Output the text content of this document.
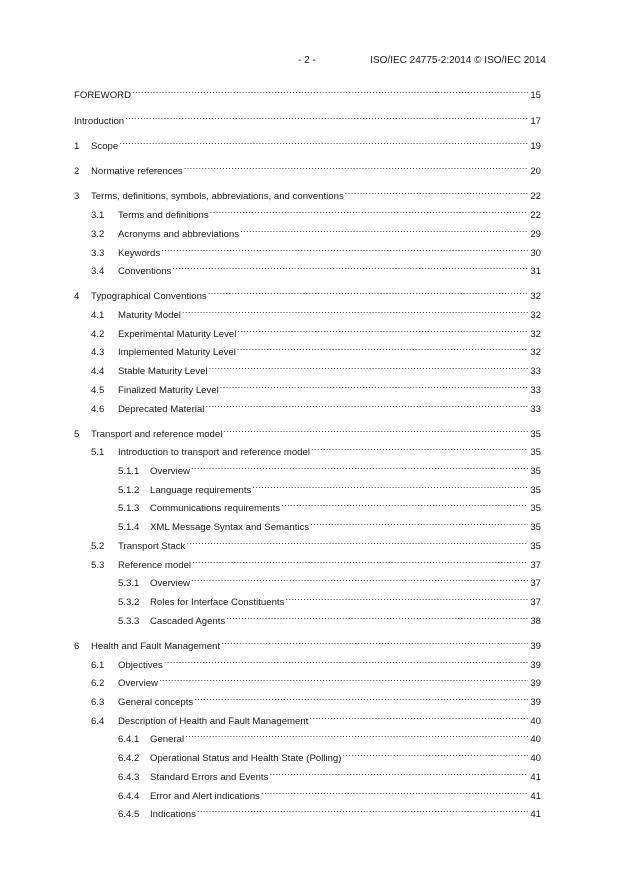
- 2 -	ISO/IEC 24775-2:2014 © ISO/IEC 2014
FOREWORD .....	15
Introduction .....	17
1	Scope .....	19
2	Normative references .....	20
3	Terms, definitions, symbols, abbreviations, and conventions .....	22
3.1	Terms and definitions .....	22
3.2	Acronyms and abbreviations .....	29
3.3	Keywords .....	30
3.4	Conventions .....	31
4	Typographical Conventions .....	32
4.1	Maturity Model .....	32
4.2	Experimental Maturity Level .....	32
4.3	Implemented Maturity Level .....	32
4.4	Stable Maturity Level .....	33
4.5	Finalized Maturity Level .....	33
4.6	Deprecated Material .....	33
5	Transport and reference model .....	35
5.1	Introduction to transport and reference model .....	35
5.1.1	Overview .....	35
5.1.2	Language requirements .....	35
5.1.3	Communications requirements .....	35
5.1.4	XML Message Syntax and Semantics .....	35
5.2	Transport Stack .....	35
5.3	Reference model .....	37
5.3.1	Overview .....	37
5.3.2	Roles for Interface Constituents .....	37
5.3.3	Cascaded Agents .....	38
6	Health and Fault Management .....	39
6.1	Objectives .....	39
6.2	Overview .....	39
6.3	General concepts .....	39
6.4	Description of Health and Fault Management .....	40
6.4.1	General .....	40
6.4.2	Operational Status and Health State (Polling) .....	40
6.4.3	Standard Errors and Events .....	41
6.4.4	Error and Alert indications .....	41
6.4.5	Indications .....	41
